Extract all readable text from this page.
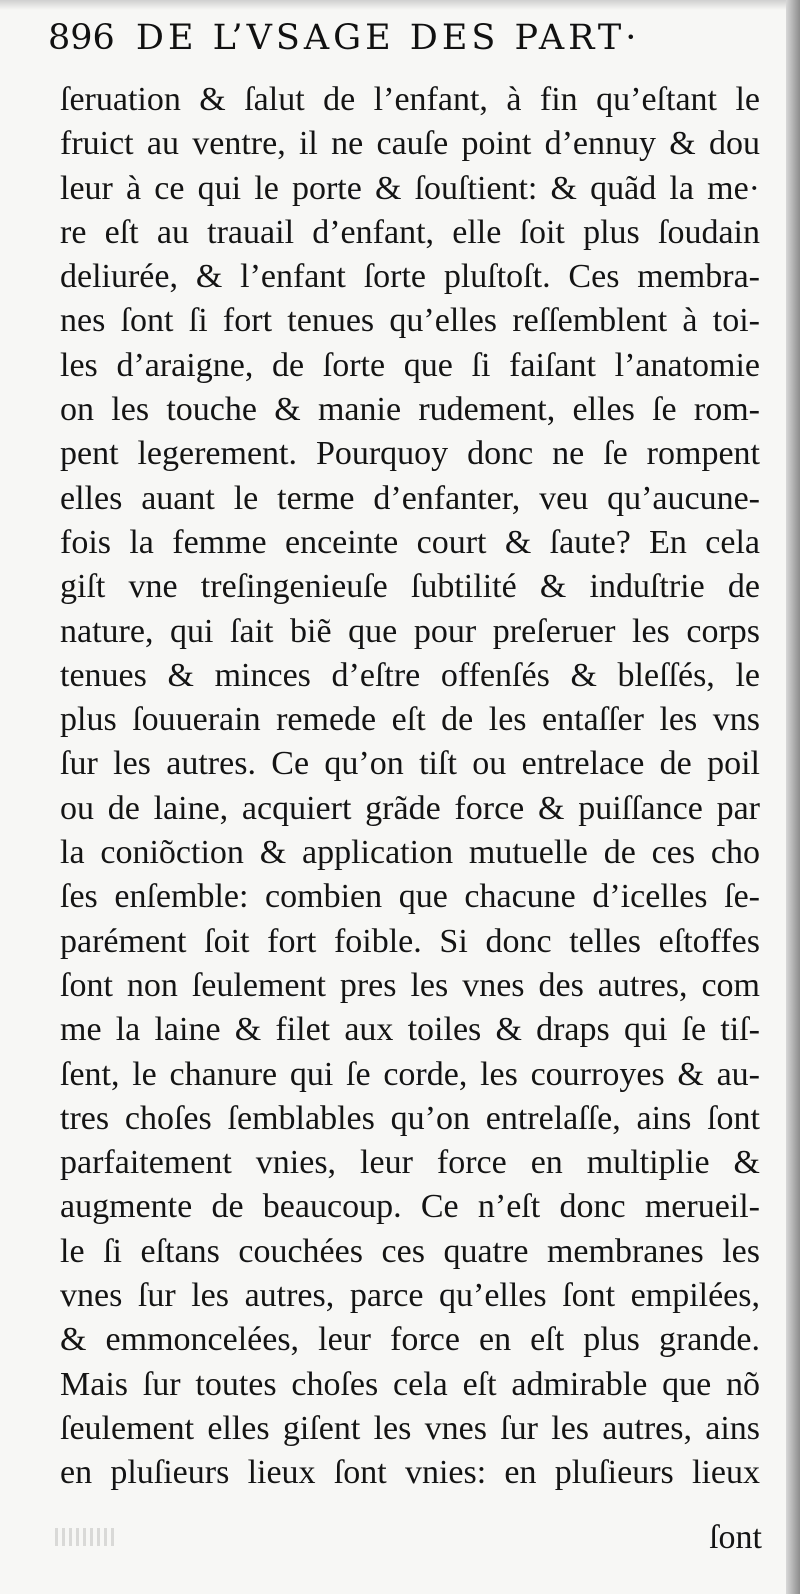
896 DE L’VSAGE DES PART·
ſeruation & ſalut de l’enfant, à fin qu’eſtant le
fruict au ventre, il ne cauſe point d’ennuy & dou
leur à ce qui le porte & ſouſtient: & quãd la me·
re eſt au trauail d’enfant, elle ſoit plus ſoudain
deliurée, & l’enfant ſorte pluſtoſt. Ces membra-
nes ſont ſi fort tenues qu’elles reſſemblent à toi-
les d’araigne, de ſorte que ſi faiſant l’anatomie
on les touche & manie rudement, elles ſe rom-
pent legerement. Pourquoy donc ne ſe rompent
elles auant le terme d’enfanter, veu qu’aucune-
fois la femme enceinte court & ſaute? En cela
giſt vne treſingenieuſe ſubtilité & induſtrie de
nature, qui ſait biẽ que pour preſeruer les corps
tenues & minces d’eſtre offenſés & bleſſés, le
plus ſouuerain remede eſt de les entaſſer les vns
ſur les autres. Ce qu’on tiſt ou entrelace de poil
ou de laine, acquiert grãde force & puiſſance par
la coniõction & application mutuelle de ces cho
ſes enſemble: combien que chacune d’icelles ſe-
parément ſoit fort foible. Si donc telles eſtoffes
ſont non ſeulement pres les vnes des autres, com
me la laine & filet aux toiles & draps qui ſe tiſ-
ſent, le chanure qui ſe corde, les courroyes & au-
tres choſes ſemblables qu’on entrelaſſe, ains ſont
parfaitement vnies, leur force en multiplie &
augmente de beaucoup. Ce n’eſt donc merueil-
le ſi eſtans couchées ces quatre membranes les
vnes ſur les autres, parce qu’elles ſont empilées,
& emmoncelées, leur force en eſt plus grande.
Mais ſur toutes choſes cela eſt admirable que nõ
ſeulement elles giſent les vnes ſur les autres, ains
en pluſieurs lieux ſont vnies: en pluſieurs lieux
ſont
